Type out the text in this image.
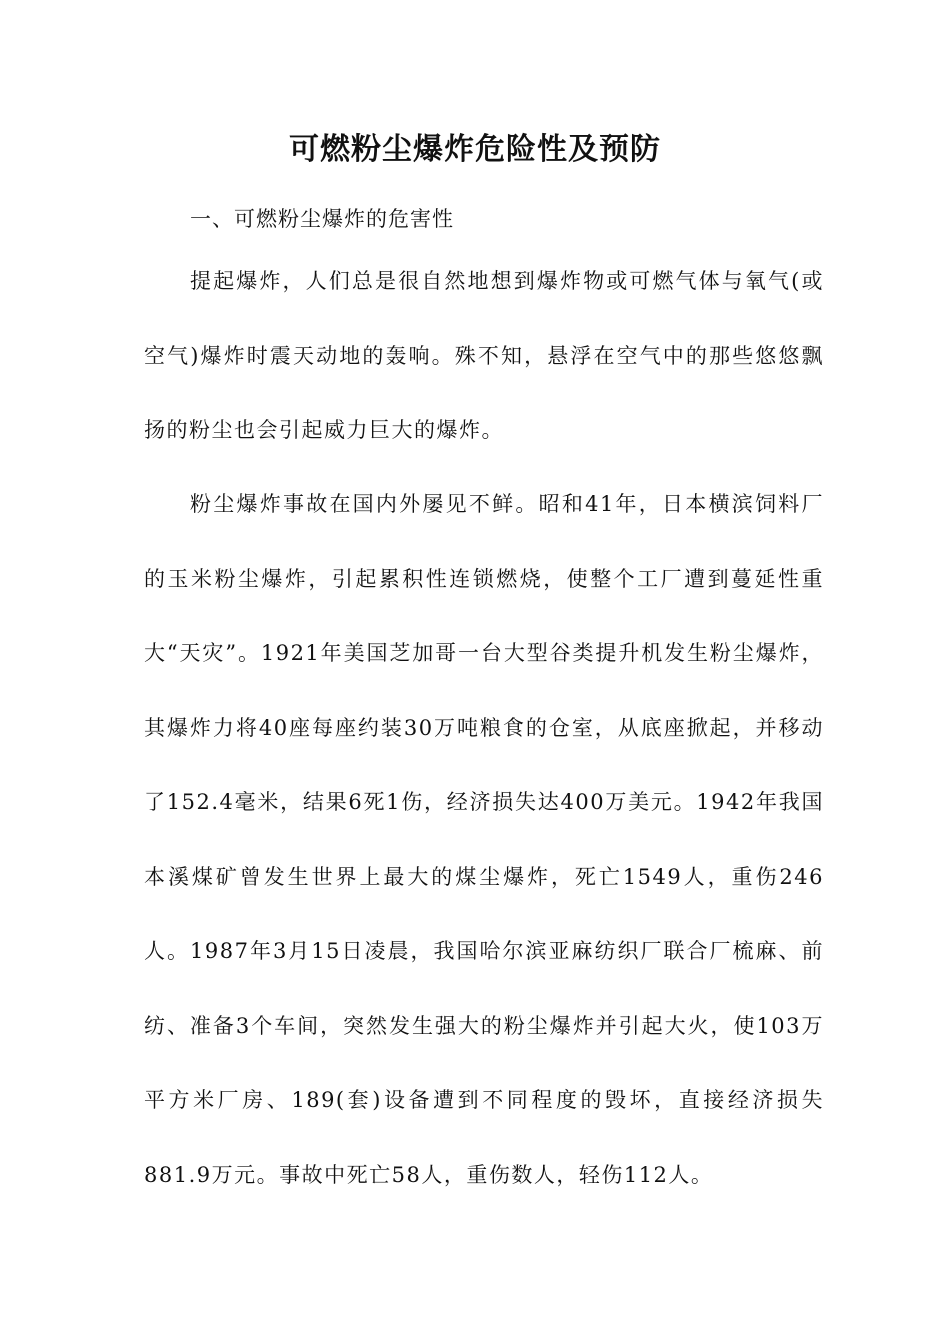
可燃粉尘爆炸危险性及预防

一、可燃粉尘爆炸的危害性

提起爆炸，人们总是很自然地想到爆炸物或可燃气体与氧气(或空气)爆炸时震天动地的轰响。殊不知，悬浮在空气中的那些悠悠飘扬的粉尘也会引起威力巨大的爆炸。

粉尘爆炸事故在国内外屡见不鲜。昭和41年，日本横滨饲料厂的玉米粉尘爆炸，引起累积性连锁燃烧，使整个工厂遭到蔓延性重大“天灾”。1921年美国芝加哥一台大型谷类提升机发生粉尘爆炸，其爆炸力将40座每座约装30万吨粮食的仓室，从底座掀起，并移动了152.4毫米，结果6死1伤，经济损失达400万美元。1942年我国本溪煤矿曾发生世界上最大的煤尘爆炸，死亡1549人，重伤246人。1987年3月15日凌晨，我国哈尔滨亚麻纺织厂联合厂梳麻、前纺、准备3个车间，突然发生强大的粉尘爆炸并引起大火，使103万平方米厂房、189(套)设备遭到不同程度的毁坏，直接经济损失881.9万元。事故中死亡58人，重伤数人，轻伤112人。
